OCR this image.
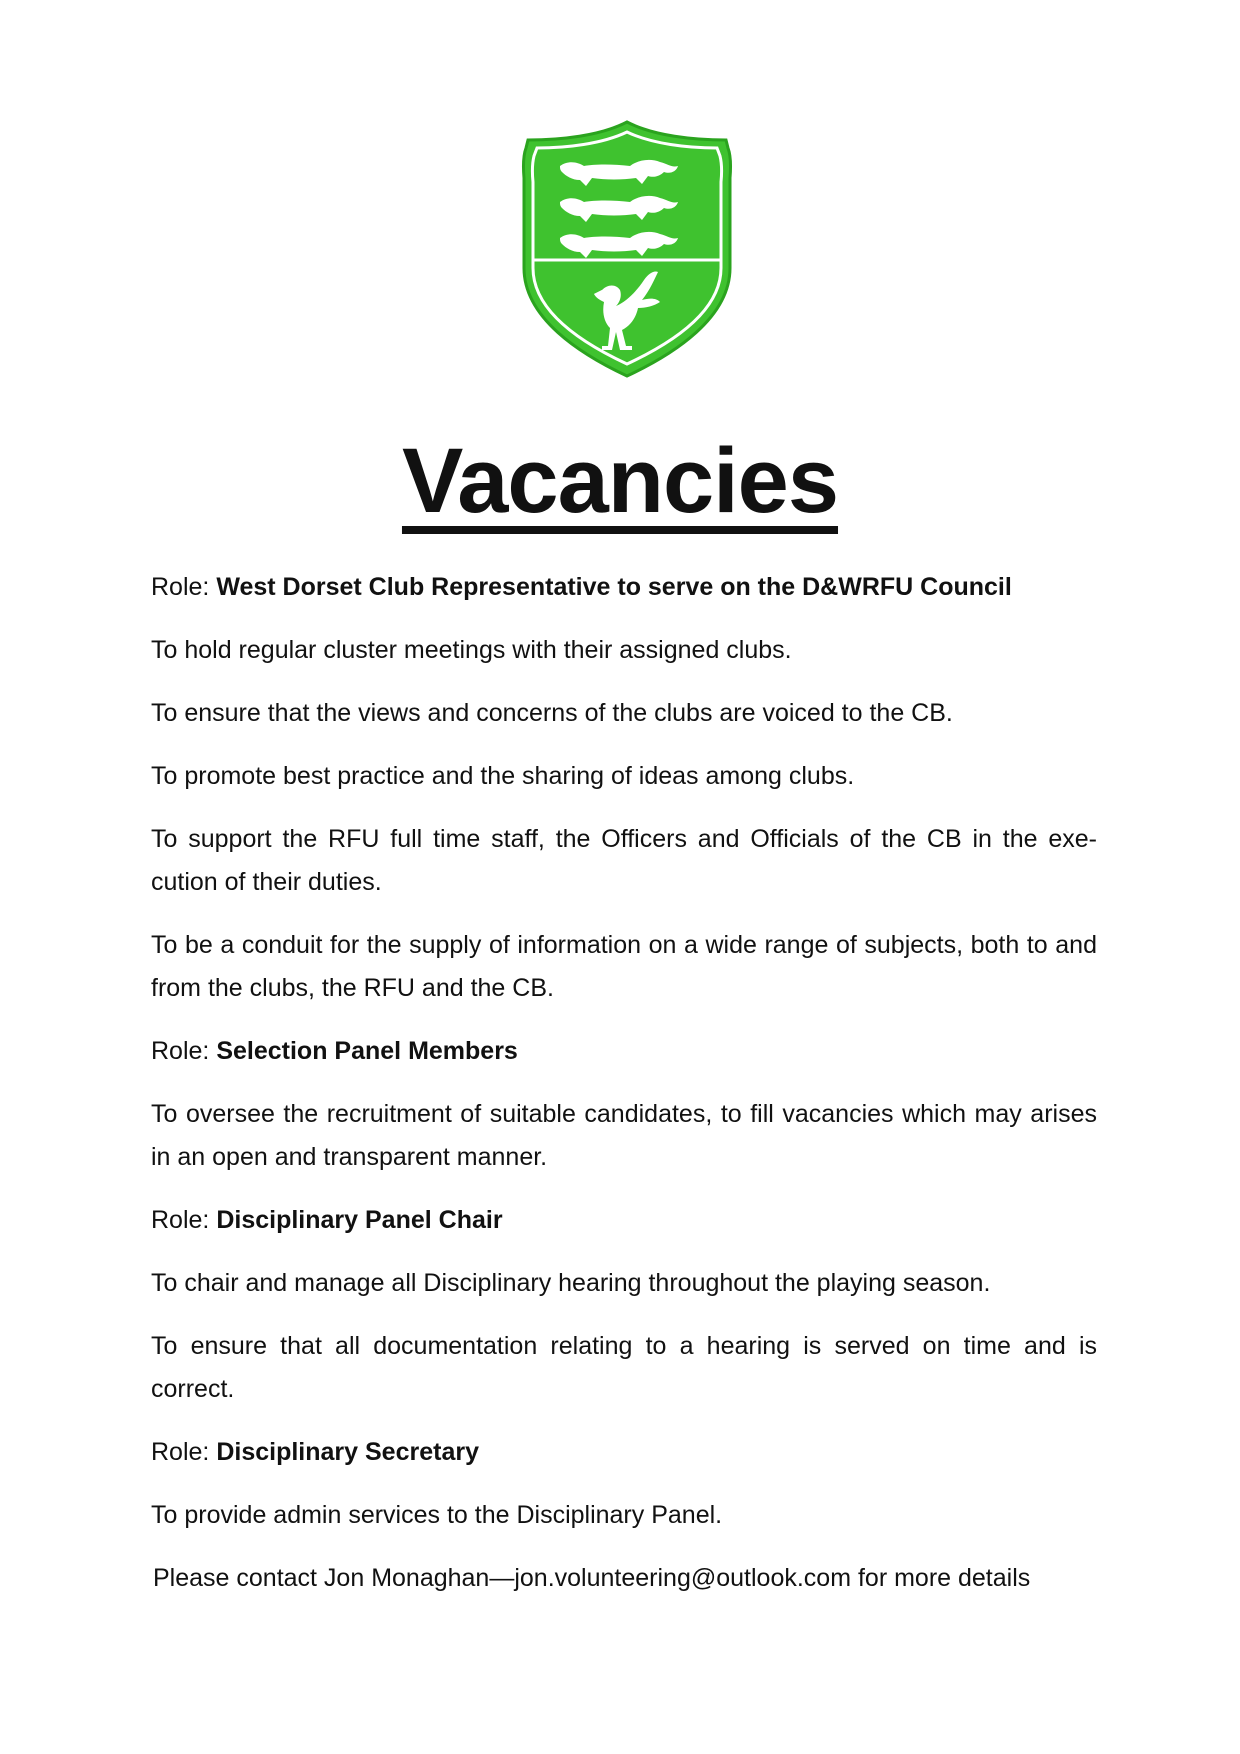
Vacancies

Role: West Dorset Club Representative to serve on the D&WRFU Council

To hold regular cluster meetings with their assigned clubs.

To ensure that the views and concerns of the clubs are voiced to the CB.

To promote best practice and the sharing of ideas among clubs.

To support the RFU full time staff, the Officers and Officials of the CB in the exe-cution of their duties.

To be a conduit for the supply of information on a wide range of subjects, both to and from the clubs, the RFU and the CB.

Role: Selection Panel Members

To oversee the recruitment of suitable candidates, to fill vacancies which may arises in an open and transparent manner.

Role: Disciplinary Panel Chair

To chair and manage all Disciplinary hearing throughout the playing season.

To ensure that all documentation relating to a hearing is served on time and is correct.

Role: Disciplinary Secretary

To provide admin services to the Disciplinary Panel.

Please contact Jon Monaghan—jon.volunteering@outlook.com for more details
